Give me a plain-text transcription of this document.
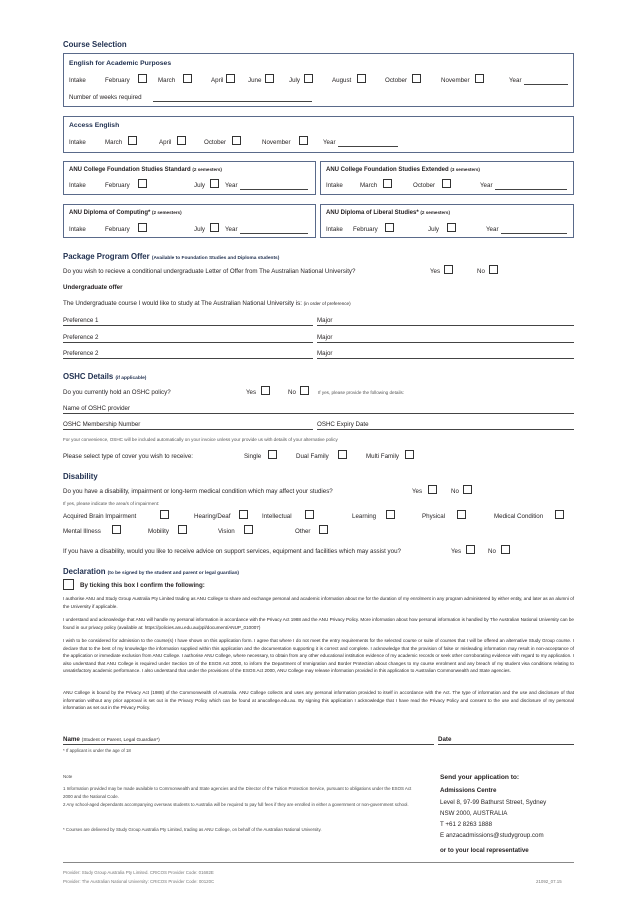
Course Selection
English for Academic Purposes
Intake	February	March	April	June	July	August	October	November	Year
Number of weeks required
Access English
Intake	March	April	October	November	Year
ANU College Foundation Studies Standard (2 semesters)
Intake	February	July	Year
ANU College Foundation Studies Extended (3 semesters)
Intake	March	October	Year
ANU Diploma of Computing* (2 semesters)
Intake	February	July	Year
ANU Diploma of Liberal Studies* (2 semesters)
Intake February	July	Year
Package Program Offer (Available to Foundation Studies and Diploma students)
Do you wish to recieve a conditional undergraduate Letter of Offer from The Australian National University?	Yes	No
Undergraduate offer
The Undergraduate course I would like to study at The Australian National University is: (in order of preference)
Preference 1	Major
Preference 2	Major
Preference 2	Major
OSHC Details (if applicable)
Do you currently hold an OSHC policy?	Yes	No	If yes, please provide the following details:
Name of OSHC provider
OSHC Membership Number	OSHC Expiry Date
For your convenience, OSHC will be included automatically on your invoice unless your provide us with details of your alternative policy
Please select type of cover you wish to receive:	Single	Dual Family	Multi Family
Disability
Do you have a disability, impairment or long-term medical condition which may affect your studies?	Yes	No
If yes, please indicate the area/s of impairment:
Acquired Brain Impairment	Hearing/Deaf	Intellectual	Learning	Physical	Medical Condition
Mental Illness	Mobility	Vision	Other
If you have a disability, would you like to receive advice on support services, equipment and facilities which may assist you?	Yes	No
Declaration (to be signed by the student and parent or legal guardian)
By ticking this box I confirm the following:
I authorise ANU and Study Group Australia Pty Limited trading as ANU College to share and exchange personal and academic information about me for the duration of my enrolment in any program administered by either entity, and later as an alumni of the University if applicable.
I understand and acknowledge that ANU will handle my personal information in accordance with the Privacy Act 1988 and the ANU Privacy Policy. More information about how personal information is handled by The Australian National University can be found in our privacy policy (available at: https://policies.anu.edu.au/ppl/document/ANUP_010007)
I wish to be considered for admission to the course(s) I have shown on this application form. I agree that where I do not meet the entry requirements for the selected course or suite of courses that I will be offered an alternative Study Group course. I declare that to the best of my knowledge the information supplied within this application and the documentation supporting it is correct and complete. I acknowledge that the provision of false or misleading information may result in non-acceptance of the application or immediate exclusion from ANU College. I authorise ANU College, where necessary, to obtain from any other educational institution evidence of my academic records or seek other corroborating evidence with regard to my application. I also understand that ANU College is required under Section 19 of the ESOS Act 2000, to inform the Department of Immigration and Border Protection about changes to my course enrolment and any breach of my student visa conditions relating to unsatisfactory academic performance. I also understand that under the provisions of the ESOS Act 2000, ANU College may release information provided in this application to Australian Commonwealth and State agencies.
ANU College is bound by the Privacy Act (1988) of the Commonwealth of Australia. ANU College collects and uses any personal information provided to itself in accordance with the Act. The type of information and the use and disclosure of that information without any prior approval is set out in the Privacy Policy which can be found at anucollege.edu.au. By signing this application I acknowledge that I have read the Privacy Policy and consent to the use and disclosure of my personal information as set out in the Privacy Policy.
Name (Student or Parent, Legal Guardian*)	Date
* If applicant is under the age of 18
Note
1 Information provided may be made available to Commonwealth and State agencies and the Director of the Tuition Protection Service, pursuant to obligations under the ESOS Act 2000 and the National Code.
2 Any school-aged dependants accompanying overseas students to Australia will be required to pay full fees if they are enrolled in either a government or non-government school.
* Courses are delivered by Study Group Australia Pty Limited, trading as ANU College, on behalf of the Australian National University.
Send your application to:
Admissions Centre
Level 8, 97-99 Bathurst Street, Sydney
NSW 2000, AUSTRALIA
T +61 2 8263 1888
E anzacadmissions@studygroup.com
or to your local representative
Provider: Study Group Australia Pty Limited. CRICOS Provider Code: 01682E
Provider: The Australian National University: CRICOS Provider Code: 00120C	21092_07.15
